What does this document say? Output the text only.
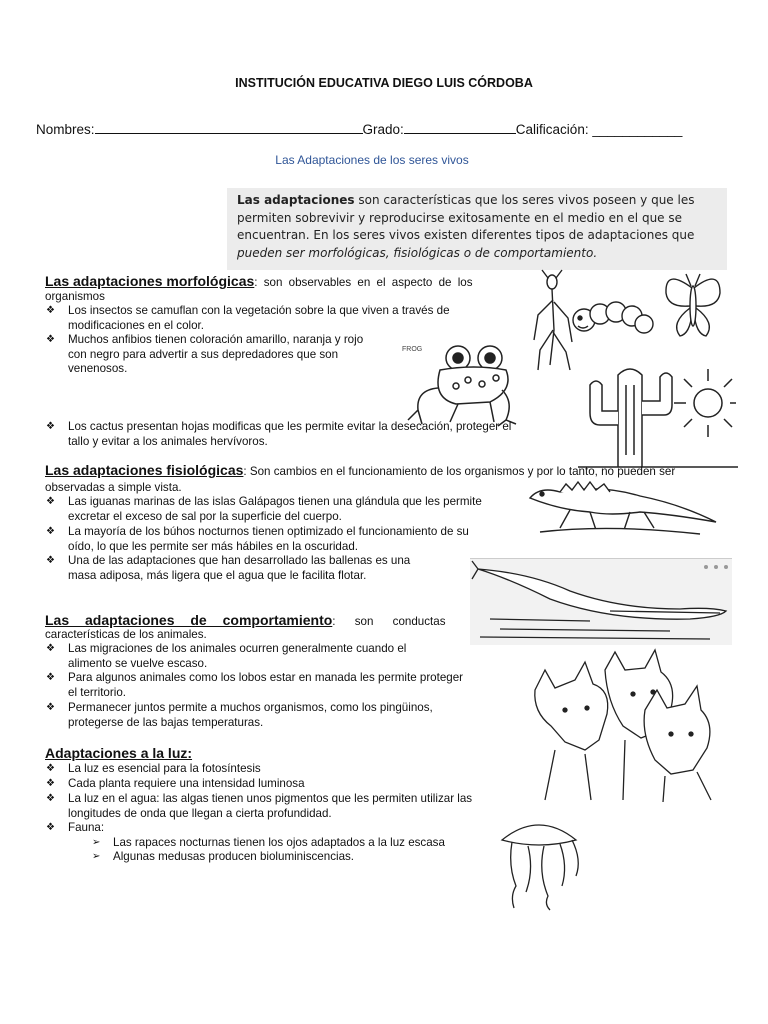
INSTITUCIÓN EDUCATIVA DIEGO LUIS CÓRDOBA
Nombres:	Grado:	Calificación: ____________
Las Adaptaciones de los seres vivos
Las adaptaciones son características que los seres vivos poseen y que les
permiten sobrevivir y reproducirse exitosamente en el medio en el que se
encuentran. En los seres vivos existen diferentes tipos de adaptaciones que
pueden ser morfológicas, fisiológicas o de comportamiento.
Las adaptaciones morfológicas: son observables en el aspecto de los
organismos
❖ Los insectos se camuflan con la vegetación sobre la que viven a través de
modificaciones en el color.
❖ Muchos anfibios tienen coloración amarillo, naranja y rojo
con negro para advertir a sus depredadores que son
venenosos.
❖ Los cactus presentan hojas modificas que les permite evitar la desecación, proteger el
tallo y evitar a los animales hervívoros.
FROG
Las adaptaciones fisiológicas: Son cambios en el funcionamiento de los organismos y por lo tanto, no pueden ser
observadas a simple vista.
❖ Las iguanas marinas de las islas Galápagos tienen una glándula que les permite
excretar el exceso de sal por la superficie del cuerpo.
❖ La mayoría de los búhos nocturnos tienen optimizado el funcionamiento de su
oído, lo que les permite ser más hábiles en la oscuridad.
❖ Una de las adaptaciones que han desarrollado las ballenas es una
masa adiposa, más ligera que el agua que le facilita flotar.
Las adaptaciones de comportamiento: son conductas
características de los animales.
❖ Las migraciones de los animales ocurren generalmente cuando el
alimento se vuelve escaso.
❖ Para algunos animales como los lobos estar en manada les permite proteger
el territorio.
❖ Permanecer juntos permite a muchos organismos, como los pingüinos,
protegerse de las bajas temperaturas.
Adaptaciones a la luz:
❖ La luz es esencial para la fotosíntesis
❖ Cada planta requiere una intensidad luminosa
❖ La luz en el agua: las algas tienen unos pigmentos que les permiten utilizar las
longitudes de onda que llegan a cierta profundidad.
❖ Fauna:
➢ Las rapaces nocturnas tienen los ojos adaptados a la luz escasa
➢ Algunas medusas producen bioluminiscencias.
